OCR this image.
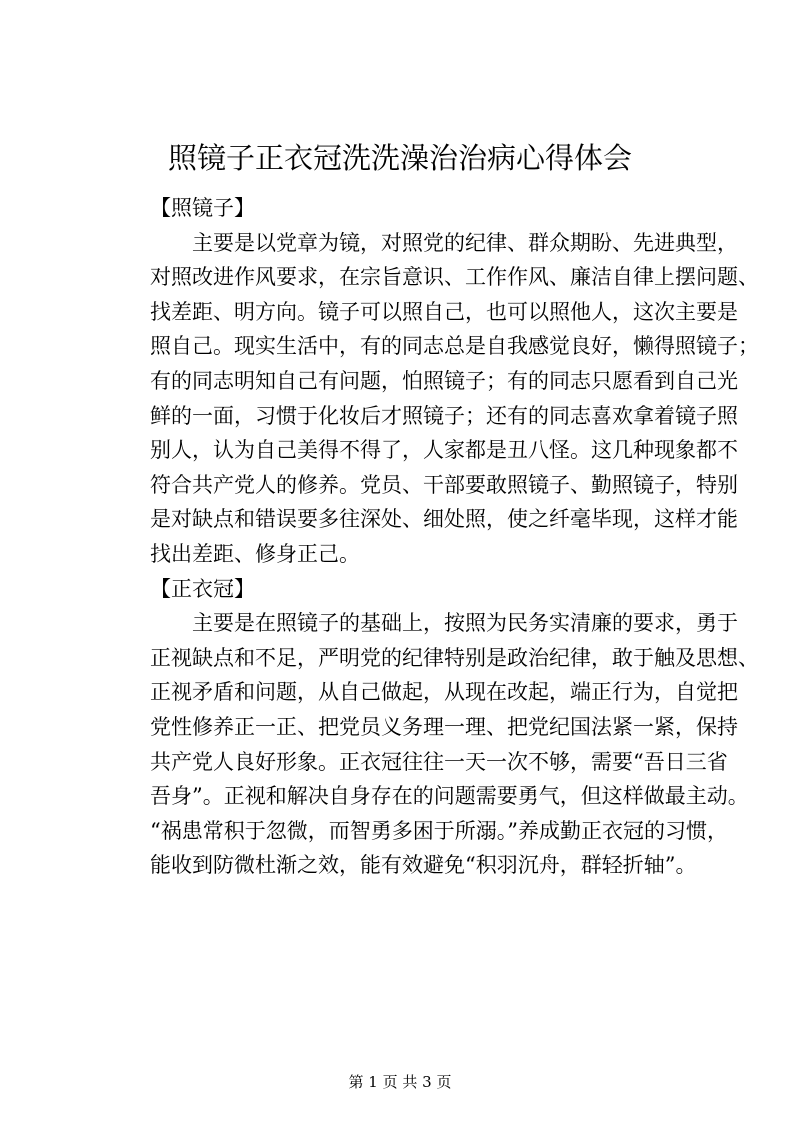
照镜子正衣冠洗洗澡治治病心得体会
【照镜子】
主要是以党章为镜，对照党的纪律、群众期盼、先进典型，
对照改进作风要求，在宗旨意识、工作作风、廉洁自律上摆问题、
找差距、明方向。镜子可以照自己，也可以照他人，这次主要是
照自己。现实生活中，有的同志总是自我感觉良好，懒得照镜子；
有的同志明知自己有问题，怕照镜子；有的同志只愿看到自己光
鲜的一面，习惯于化妆后才照镜子；还有的同志喜欢拿着镜子照
别人，认为自己美得不得了，人家都是丑八怪。这几种现象都不
符合共产党人的修养。党员、干部要敢照镜子、勤照镜子，特别
是对缺点和错误要多往深处、细处照，使之纤毫毕现，这样才能
找出差距、修身正己。
【正衣冠】
主要是在照镜子的基础上，按照为民务实清廉的要求，勇于
正视缺点和不足，严明党的纪律特别是政治纪律，敢于触及思想、
正视矛盾和问题，从自己做起，从现在改起，端正行为，自觉把
党性修养正一正、把党员义务理一理、把党纪国法紧一紧，保持
共产党人良好形象。正衣冠往往一天一次不够，需要“吾日三省
吾身”。正视和解决自身存在的问题需要勇气，但这样做最主动。
“祸患常积于忽微，而智勇多困于所溺。”养成勤正衣冠的习惯，
能收到防微杜渐之效，能有效避免“积羽沉舟，群轻折轴”。
第 1 页 共 3 页
